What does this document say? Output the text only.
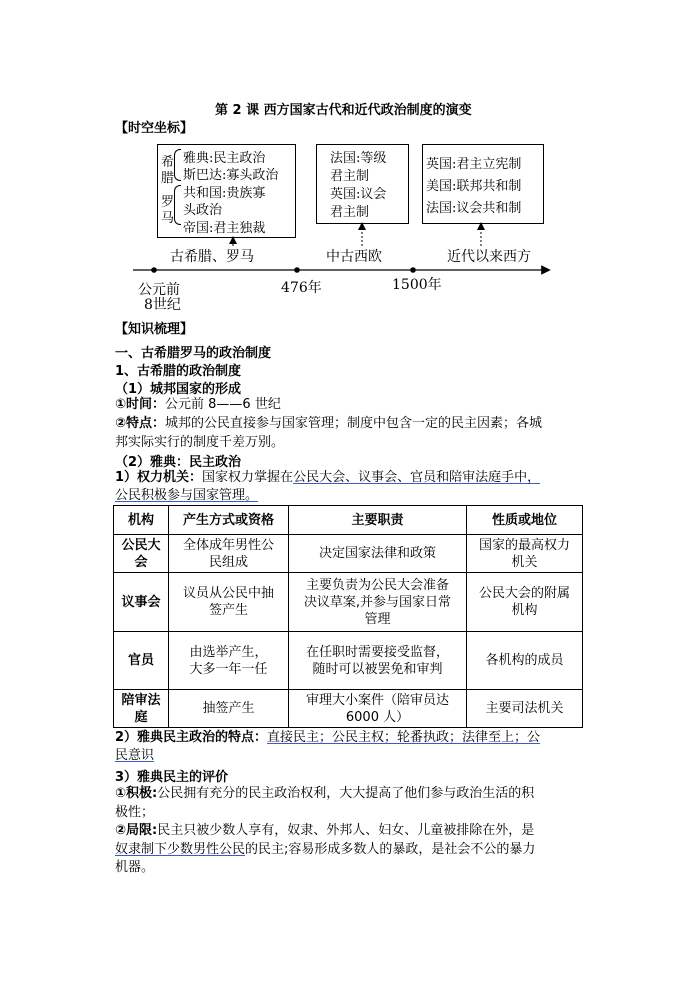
第 2 课 西方国家古代和近代政治制度的演变
【时空坐标】
希
腊
罗
马
雅典:民主政治
斯巴达:寡头政治
共和国:贵族寡
头政治
帝国:君主独裁
法国:等级
君主制
英国:议会
君主制
英国:君主立宪制
美国:联邦共和制
法国:议会共和制
古希腊、罗马	中古西欧	近代以来西方
公元前
8世纪
476年	1500年
【知识梳理】
一、古希腊罗马的政治制度
1、古希腊的政治制度
（1）城邦国家的形成
①时间：公元前 8——6 世纪
②特点：城邦的公民直接参与国家管理；制度中包含一定的民主因素；各城
邦实际实行的制度千差万别。
（2）雅典：民主政治
1）权力机关：国家权力掌握在公民大会、议事会、官员和陪审法庭手中，
公民积极参与国家管理。
机构	产生方式或资格	主要职责	性质或地位
公民大
会	全体成年男性公
民组成	决定国家法律和政策	国家的最高权力
机关
议事会	议员从公民中抽
签产生	主要负责为公民大会准备
决议草案,并参与国家日常
管理	公民大会的附属
机构
官员	由选举产生，
大多一年一任	在任职时需要接受监督，
随时可以被罢免和审判	各机构的成员
陪审法
庭	抽签产生	审理大小案件（陪审员达
6000 人）	主要司法机关
2）雅典民主政治的特点：直接民主；公民主权；轮番执政；法律至上；公
民意识
3）雅典民主的评价
①积极:公民拥有充分的民主政治权利，大大提高了他们参与政治生活的积
极性；
②局限:民主只被少数人享有，奴隶、外邦人、妇女、儿童被排除在外，是
奴隶制下少数男性公民的民主;容易形成多数人的暴政，是社会不公的暴力
机器。
